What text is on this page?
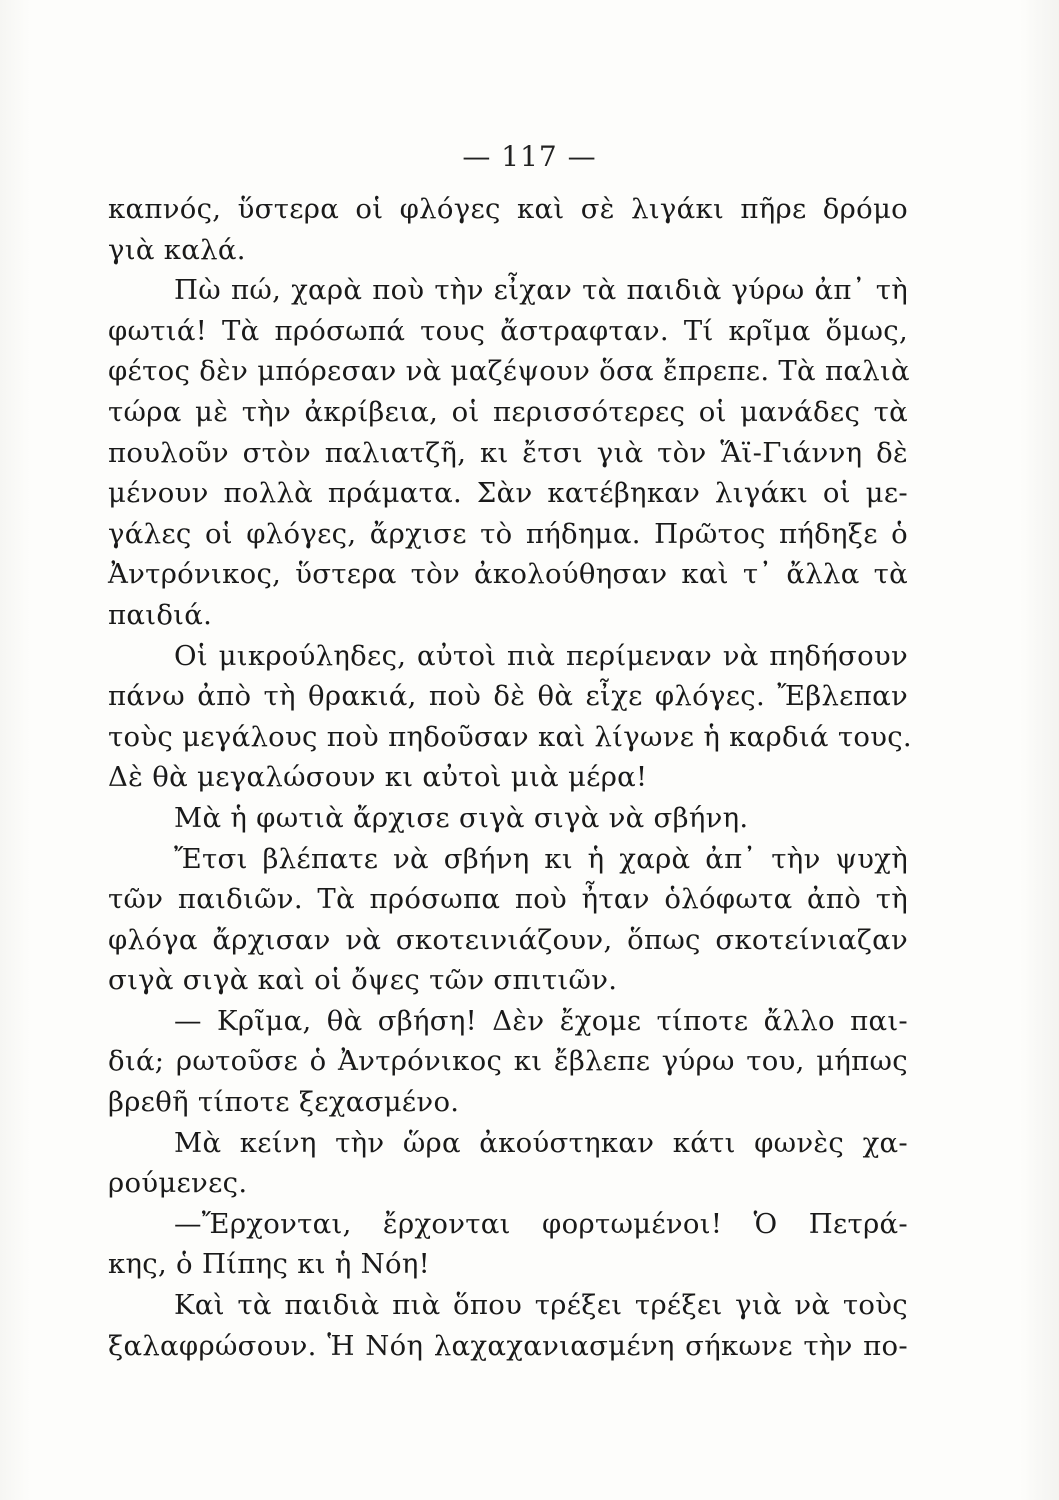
— 117 —
καπνός, ὕστερα οἱ φλόγες καὶ σὲ λιγάκι πῆρε δρόμο
γιὰ καλά.
Πὼ πώ, χαρὰ ποὺ τὴν εἶχαν τὰ παιδιὰ γύρω ἀπ᾽ τὴ
φωτιά! Τὰ πρόσωπά τους ἄστραφταν. Τί κρῖμα ὅμως,
φέτος δὲν μπόρεσαν νὰ μαζέψουν ὅσα ἔπρεπε. Τὰ παλιὰ
τώρα μὲ τὴν ἀκρίβεια, οἱ περισσότερες οἱ μανάδες τὰ
πουλοῦν στὸν παλιατζῆ, κι ἔτσι γιὰ τὸν Ἅϊ-Γιάννη δὲ
μένουν πολλὰ πράματα. Σὰν κατέβηκαν λιγάκι οἱ με-
γάλες οἱ φλόγες, ἄρχισε τὸ πήδημα. Πρῶτος πήδηξε ὁ
Ἀντρόνικος, ὕστερα τὸν ἀκολούθησαν καὶ τ᾽ ἄλλα τὰ
παιδιά.
Οἱ μικρούληδες, αὐτοὶ πιὰ περίμεναν νὰ πηδήσουν
πάνω ἀπὸ τὴ θρακιά, ποὺ δὲ θὰ εἶχε φλόγες. Ἔβλεπαν
τοὺς μεγάλους ποὺ πηδοῦσαν καὶ λίγωνε ἡ καρδιά τους.
Δὲ θὰ μεγαλώσουν κι αὐτοὶ μιὰ μέρα!
Μὰ ἡ φωτιὰ ἄρχισε σιγὰ σιγὰ νὰ σβήνη.
Ἔτσι βλέπατε νὰ σβήνη κι ἡ χαρὰ ἀπ᾽ τὴν ψυχὴ
τῶν παιδιῶν. Τὰ πρόσωπα ποὺ ἦταν ὁλόφωτα ἀπὸ τὴ
φλόγα ἄρχισαν νὰ σκοτεινιάζουν, ὅπως σκοτείνιαζαν
σιγὰ σιγὰ καὶ οἱ ὄψες τῶν σπιτιῶν.
— Κρῖμα, θὰ σβήση! Δὲν ἔχομε τίποτε ἄλλο παι-
διά; ρωτοῦσε ὁ Ἀντρόνικος κι ἔβλεπε γύρω του, μήπως
βρεθῆ τίποτε ξεχασμένο.
Μὰ κείνη τὴν ὥρα ἀκούστηκαν κάτι φωνὲς χα-
ρούμενες.
—Ἔρχονται, ἔρχονται φορτωμένοι! Ὁ Πετρά-
κης, ὁ Πίπης κι ἡ Νόη!
Καὶ τὰ παιδιὰ πιὰ ὅπου τρέξει τρέξει γιὰ νὰ τοὺς
ξαλαφρώσουν. Ἡ Νόη λαχαχανιασμένη σήκωνε τὴν πο-
